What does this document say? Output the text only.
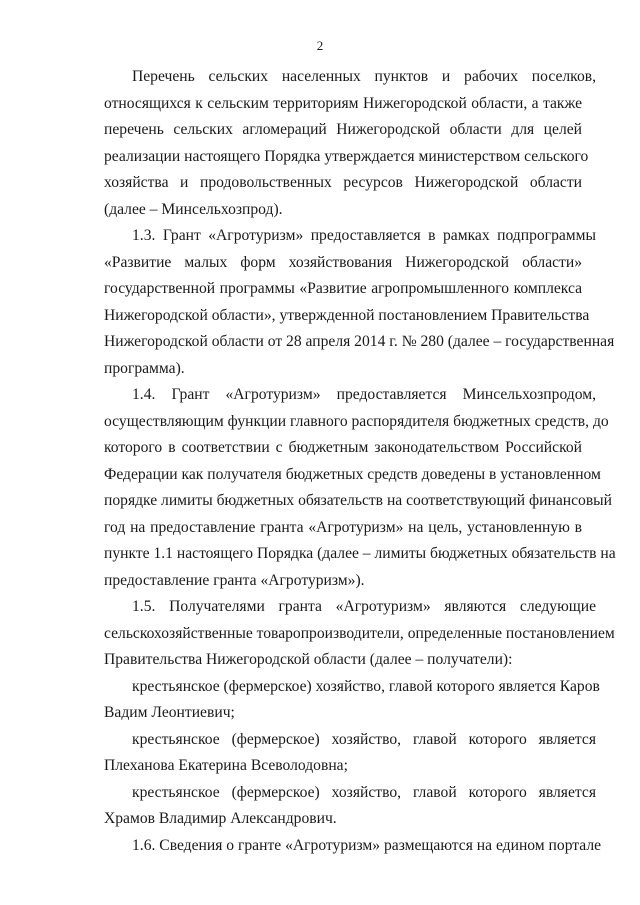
2
Перечень сельских населенных пунктов и рабочих поселков,
относящихся к сельским территориям Нижегородской области, а также
перечень сельских агломераций Нижегородской области для целей
реализации настоящего Порядка утверждается министерством сельского
хозяйства и продовольственных ресурсов Нижегородской области
(далее – Минсельхозпрод).
1.3. Грант «Агротуризм» предоставляется в рамках подпрограммы
«Развитие малых форм хозяйствования Нижегородской области»
государственной программы «Развитие агропромышленного комплекса
Нижегородской области», утвержденной постановлением Правительства
Нижегородской области от 28 апреля 2014 г. № 280 (далее – государственная
программа).
1.4. Грант «Агротуризм» предоставляется Минсельхозпродом,
осуществляющим функции главного распорядителя бюджетных средств, до
которого в соответствии с бюджетным законодательством Российской
Федерации как получателя бюджетных средств доведены в установленном
порядке лимиты бюджетных обязательств на соответствующий финансовый
год на предоставление гранта «Агротуризм» на цель, установленную в
пункте 1.1 настоящего Порядка (далее – лимиты бюджетных обязательств на
предоставление гранта «Агротуризм»).
1.5. Получателями гранта «Агротуризм» являются следующие
сельскохозяйственные товаропроизводители, определенные постановлением
Правительства Нижегородской области (далее – получатели):
крестьянское (фермерское) хозяйство, главой которого является Каров
Вадим Леонтиевич;
крестьянское (фермерское) хозяйство, главой которого является
Плеханова Екатерина Всеволодовна;
крестьянское (фермерское) хозяйство, главой которого является
Храмов Владимир Александрович.
1.6. Сведения о гранте «Агротуризм» размещаются на едином портале
